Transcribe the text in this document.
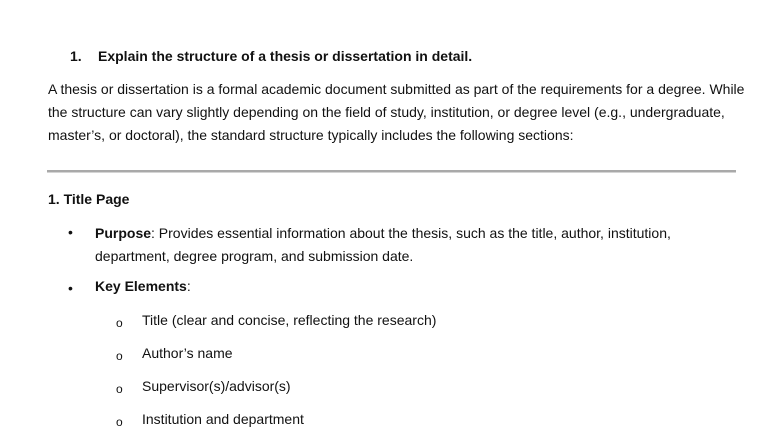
1. Explain the structure of a thesis or dissertation in detail.
A thesis or dissertation is a formal academic document submitted as part of the requirements for a degree. While the structure can vary slightly depending on the field of study, institution, or degree level (e.g., undergraduate, master’s, or doctoral), the standard structure typically includes the following sections:
1. Title Page
• Purpose: Provides essential information about the thesis, such as the title, author, institution, department, degree program, and submission date.
• Key Elements:
o Title (clear and concise, reflecting the research)
o Author’s name
o Supervisor(s)/advisor(s)
o Institution and department
